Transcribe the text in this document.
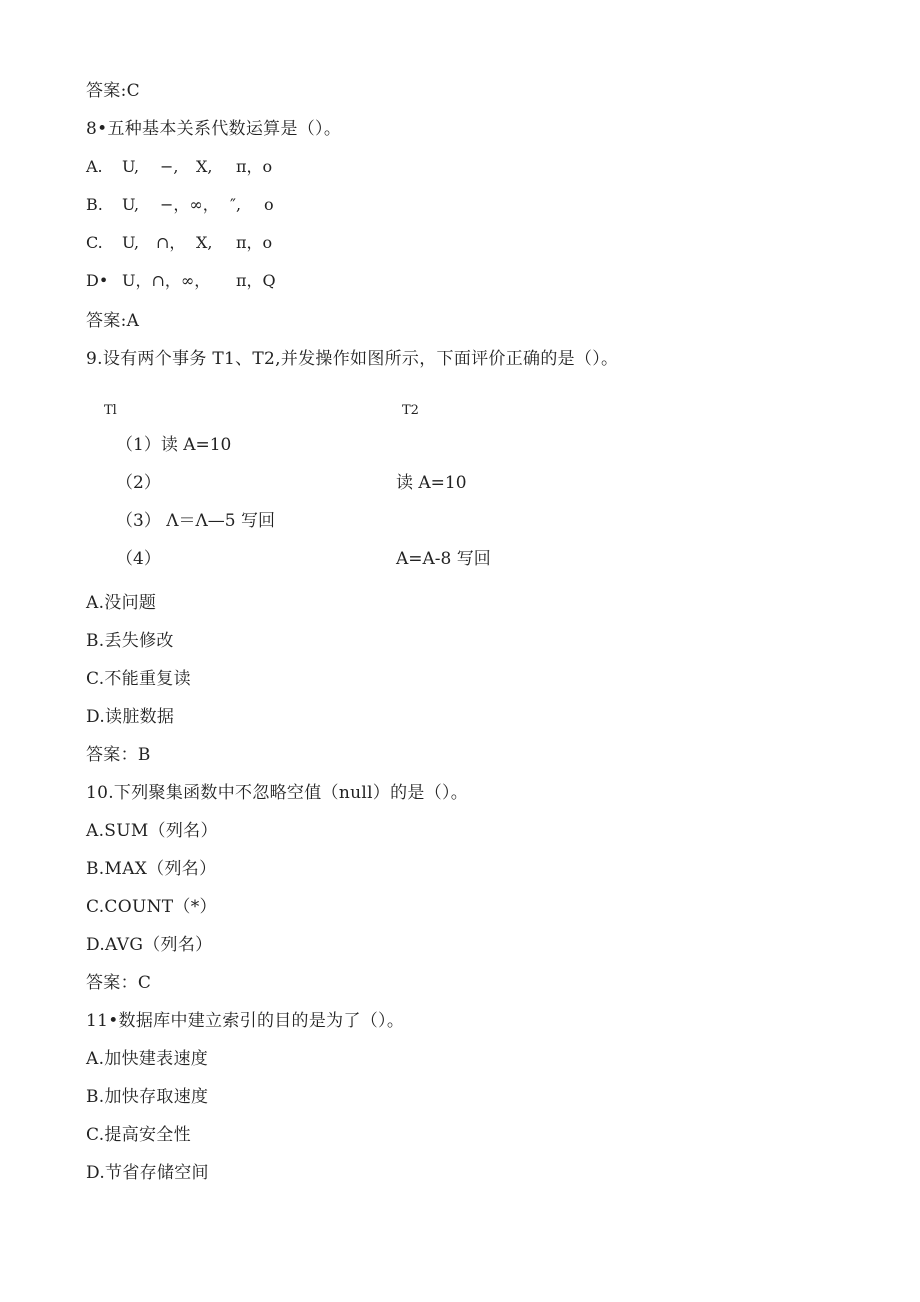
答案:C
8•五种基本关系代数运算是（）。
A. U, −, X, π，o
B. U, −，∞， ″, o
C. U, ∩， X, π，o
D• U，∩，∞， π，Q
答案:A
9.设有两个事务 T1、T2,并发操作如图所示，下面评价正确的是（）。
Tl	T2
（1）读 A=10
（2）	读 A=10
（3） Λ＝Λ—5 写回
（4）	A=A-8 写回
A.没问题
B.丢失修改
C.不能重复读
D.读脏数据
答案：B
10.下列聚集函数中不忽略空值（null）的是（）。
A.SUM（列名）
B.MAX（列名）
C.COUNT（*）
D.AVG（列名）
答案：C
11•数据库中建立索引的目的是为了（）。
A.加快建表速度
B.加快存取速度
C.提高安全性
D.节省存储空间
